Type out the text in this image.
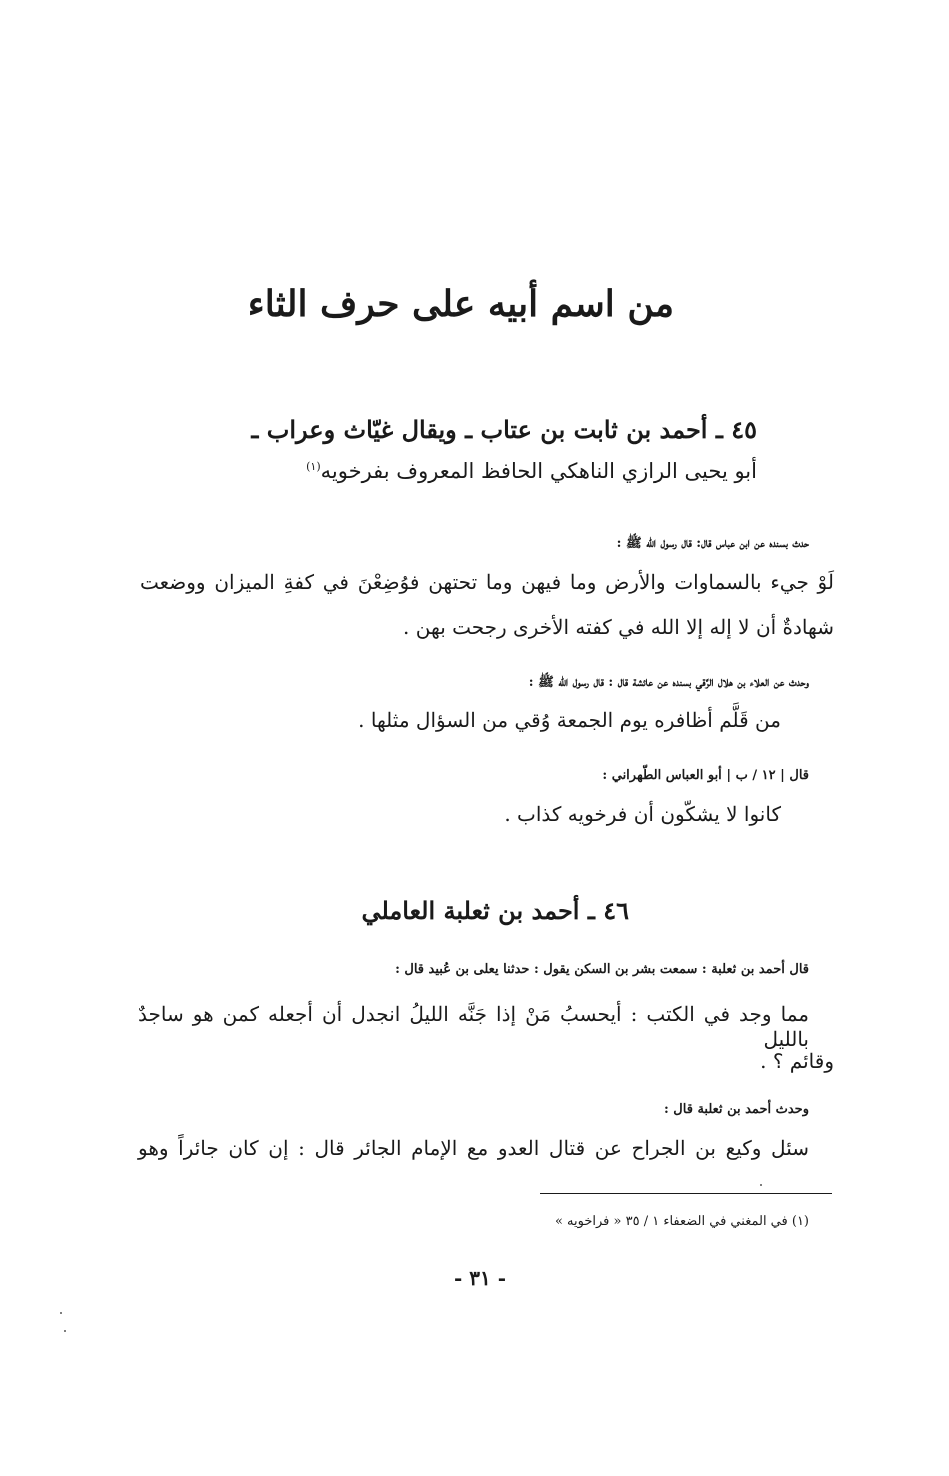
من اسم أبيه على حرف الثاء
٤٥ ـ أحمد بن ثابت بن عتاب ـ ويقال غيّاث وعراب ـ
أبو يحيى الرازي الناهكي الحافظ المعروف بفرخويه$^{(١)}$
حدث بسنده عن ابن عباس قال: قال رسول الله ﷺ :
لَوْ جيء بالسماوات والأرض وما فيهن وما تحتهن فوُضِعْنَ في كفةِ الميزان ووضعت
شهادةٌ أن لا إله إلا الله في كفته الأخرى رجحت بهن .
وحدث عن العلاء بن هلال الرَّقي بسنده عن عائشة قال : قال رسول الله ﷺ :
من قَلَّم أظافره يوم الجمعة وُقي من السؤال مثلها .
قال | ١٢ / ب | أبو العباس الطّهراني :
كانوا لا يشكّون أن فرخويه كذاب .
٤٦ ـ أحمد بن ثعلبة العاملي
قال أحمد بن ثعلبة : سمعت بشر بن السكن يقول : حدثنا يعلى بن عُبيد قال :
مما وجد في الكتب : أيحسبُ مَنْ إذا جَنَّه الليلُ انجدل أن أجعله كمن هو ساجدٌ بالليل
وقائم ؟ .
وحدث أحمد بن ثعلبة قال :
سئل وكيع بن الجراح عن قتال العدو مع الإمام الجائر قال : إن كان جائراً وهو
(١) في المغني في الضعفاء ١ / ٣٥ « فراخويه »
- ٣١ -
